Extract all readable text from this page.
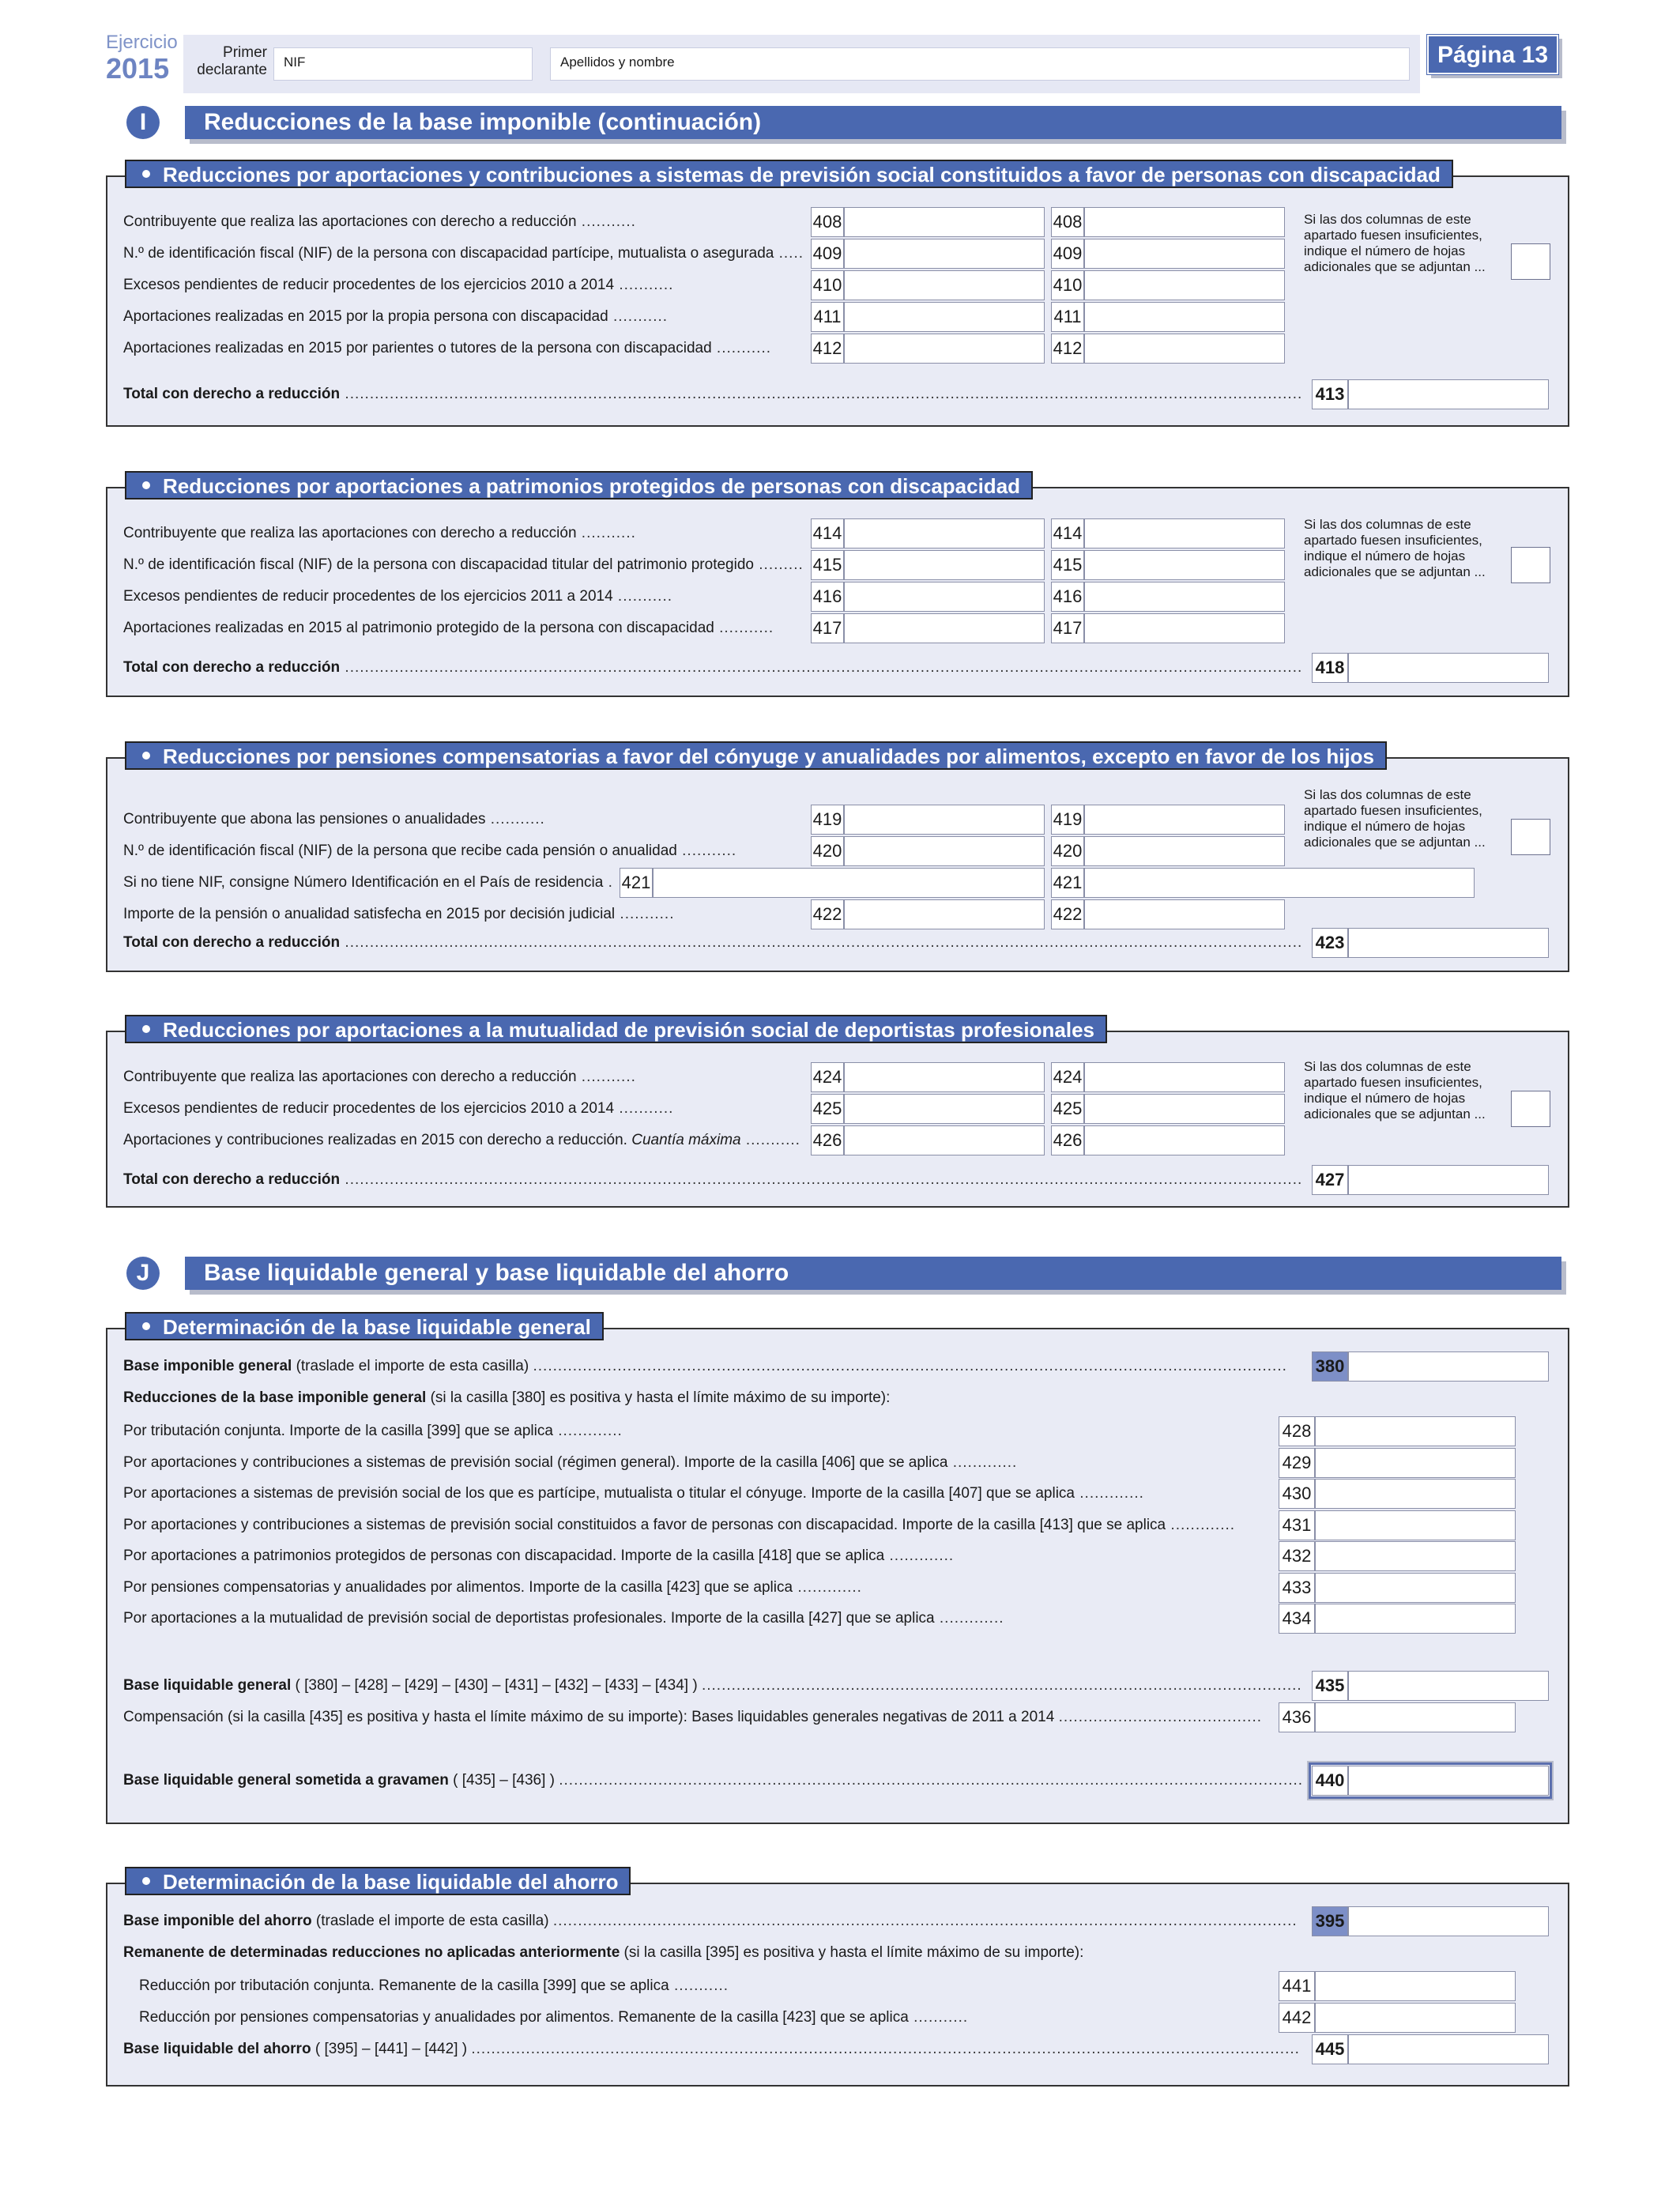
Ejercicio
2015	Primer
declarante NIF	Apellidos y nombre	Página 13
I	Reducciones de la base imponible (continuación)
Reducciones por aportaciones y contribuciones a sistemas de previsión social constituidos a favor de personas con discapacidad
Contribuyente que realiza las aportaciones con derecho a reducción ...........	408	408
N.º de identificación fiscal (NIF) de la persona con discapacidad partícipe, mutualista o asegurada ..... 409	409
Excesos pendientes de reducir procedentes de los ejercicios 2010 a 2014 ...........	410	410
Aportaciones realizadas en 2015 por la propia persona con discapacidad ...........	411	411
Aportaciones realizadas en 2015 por parientes o tutores de la persona con discapacidad ........... 412	412
Total con derecho a reducción ................................................................................................................................................................................................. 413
Si las dos columnas de este apartado fuesen insuficientes, indique el número de hojas adicionales que se adjuntan ...
Reducciones por aportaciones a patrimonios protegidos de personas con discapacidad
Contribuyente que realiza las aportaciones con derecho a reducción ...........	414	414
N.º de identificación fiscal (NIF) de la persona con discapacidad titular del patrimonio protegido ......... 415	415
Excesos pendientes de reducir procedentes de los ejercicios 2011 a 2014 ...........	416	416
Aportaciones realizadas en 2015 al patrimonio protegido de la persona con discapacidad ........... 417	417
Total con derecho a reducción ................................................................................................................................................................................................. 418
Si las dos columnas de este apartado fuesen insuficientes, indique el número de hojas adicionales que se adjuntan ...
Reducciones por pensiones compensatorias a favor del cónyuge y anualidades por alimentos, excepto en favor de los hijos
Contribuyente que abona las pensiones o anualidades ...........	419	419
N.º de identificación fiscal (NIF) de la persona que recibe cada pensión o anualidad ...........	420	420
Si no tiene NIF, consigne Número Identificación en el País de residencia . 421	421
Importe de la pensión o anualidad satisfecha en 2015 por decisión judicial ...........	422	422
Total con derecho a reducción ................................................................................................................................................................................................. 423
Si las dos columnas de este apartado fuesen insuficientes, indique el número de hojas adicionales que se adjuntan ...
Reducciones por aportaciones a la mutualidad de previsión social de deportistas profesionales
Contribuyente que realiza las aportaciones con derecho a reducción ...........	424	424
Excesos pendientes de reducir procedentes de los ejercicios 2010 a 2014 ...........	425	425
Aportaciones y contribuciones realizadas en 2015 con derecho a reducción. Cuantía máxima ........... 426	426
Total con derecho a reducción ................................................................................................................................................................................................. 427
Si las dos columnas de este apartado fuesen insuficientes, indique el número de hojas adicionales que se adjuntan ...
J	Base liquidable general y base liquidable del ahorro
Determinación de la base liquidable general
Base imponible general (traslade el importe de esta casilla) ........................................................................................................................................................ 380
Reducciones de la base imponible general (si la casilla [380] es positiva y hasta el límite máximo de su importe):
Por tributación conjunta. Importe de la casilla [399] que se aplica .............	428
Por aportaciones y contribuciones a sistemas de previsión social (régimen general). Importe de la casilla [406] que se aplica .............	429
Por aportaciones a sistemas de previsión social de los que es partícipe, mutualista o titular el cónyuge. Importe de la casilla [407] que se aplica .............	430
Por aportaciones y contribuciones a sistemas de previsión social constituidos a favor de personas con discapacidad. Importe de la casilla [413] que se aplica .............	431
Por aportaciones a patrimonios protegidos de personas con discapacidad. Importe de la casilla [418] que se aplica .............	432
Por pensiones compensatorias y anualidades por alimentos. Importe de la casilla [423] que se aplica .............	433
Por aportaciones a la mutualidad de previsión social de deportistas profesionales. Importe de la casilla [427] que se aplica .............	434
Base liquidable general ( [380] – [428] – [429] – [430] – [431] – [432] – [433] – [434] ) ......................................................................................................................... 435
Compensación (si la casilla [435] es positiva y hasta el límite máximo de su importe): Bases liquidables generales negativas de 2011 a 2014 ......................................... 436
Base liquidable general sometida a gravamen ( [435] – [436] ) ...................................................................................................................................................... 440
Determinación de la base liquidable del ahorro
Base imponible del ahorro (traslade el importe de esta casilla) ...................................................................................................................................................... 395
Remanente de determinadas reducciones no aplicadas anteriormente (si la casilla [395] es positiva y hasta el límite máximo de su importe):
Reducción por tributación conjunta. Remanente de la casilla [399] que se aplica ...........	441
Reducción por pensiones compensatorias y anualidades por alimentos. Remanente de la casilla [423] que se aplica ...........	442
Base liquidable del ahorro ( [395] – [441] – [442] ) ....................................................................................................................................................................... 445
